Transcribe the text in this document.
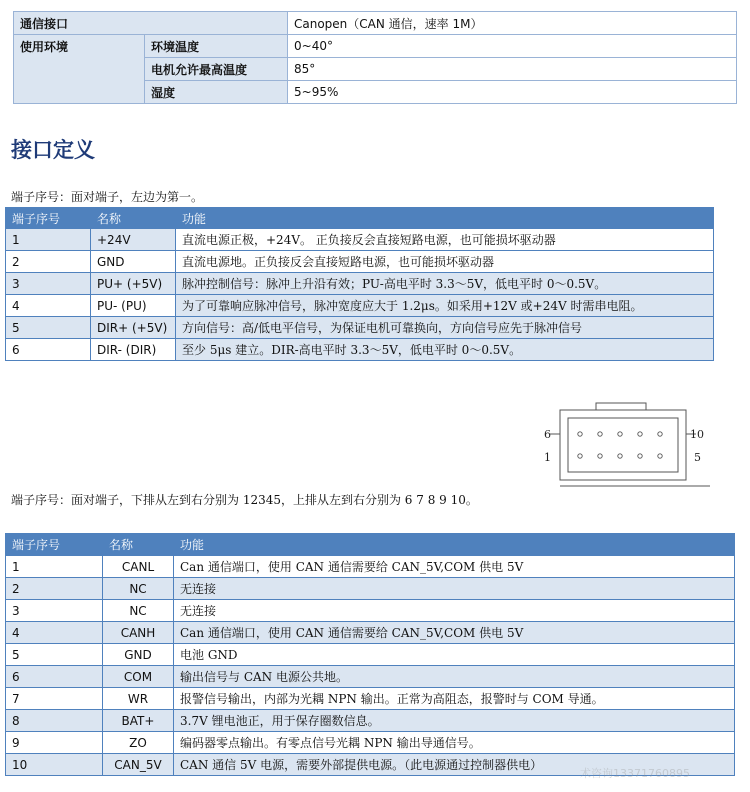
通信接口		Canopen（CAN 通信，速率 1M）
使用环境	环境温度	0~40°
	电机允许最高温度	85°
	湿度	5~95%
接口定义
端子序号：面对端子，左边为第一。
端子序号	名称	功能
1	+24V	直流电源正极，+24V。 正负接反会直接短路电源，也可能损坏驱动器
2	GND	直流电源地。正负接反会直接短路电源，也可能损坏驱动器
3	PU+ (+5V)	脉冲控制信号：脉冲上升沿有效；PU-高电平时 3.3～5V，低电平时 0～0.5V。
4	PU- (PU)	为了可靠响应脉冲信号，脉冲宽度应大于 1.2μs。如采用+12V 或+24V 时需串电阻。
5	DIR+ (+5V)	方向信号：高/低电平信号，为保证电机可靠换向，方向信号应先于脉冲信号
6	DIR- (DIR)	至少 5μs 建立。DIR-高电平时 3.3～5V，低电平时 0～0.5V。
6
1
10
5
端子序号：面对端子，下排从左到右分别为 12345，上排从左到右分别为 6 7 8 9 10。
端子序号	名称	功能
1	CANL	Can 通信端口，使用 CAN 通信需要给 CAN_5V,COM 供电 5V
2	NC	无连接
3	NC	无连接
4	CANH	Can 通信端口，使用 CAN 通信需要给 CAN_5V,COM 供电 5V
5	GND	电池 GND
6	COM	输出信号与 CAN 电源公共地。
7	WR	报警信号输出，内部为光耦 NPN 输出。正常为高阻态，报警时与 COM 导通。
8	BAT+	3.7V 锂电池正，用于保存圈数信息。
9	ZO	编码器零点输出。有零点信号光耦 NPN 输出导通信号。
10	CAN_5V	CAN 通信 5V 电源，需要外部提供电源。（此电源通过控制器供电）
术咨询13371760895
